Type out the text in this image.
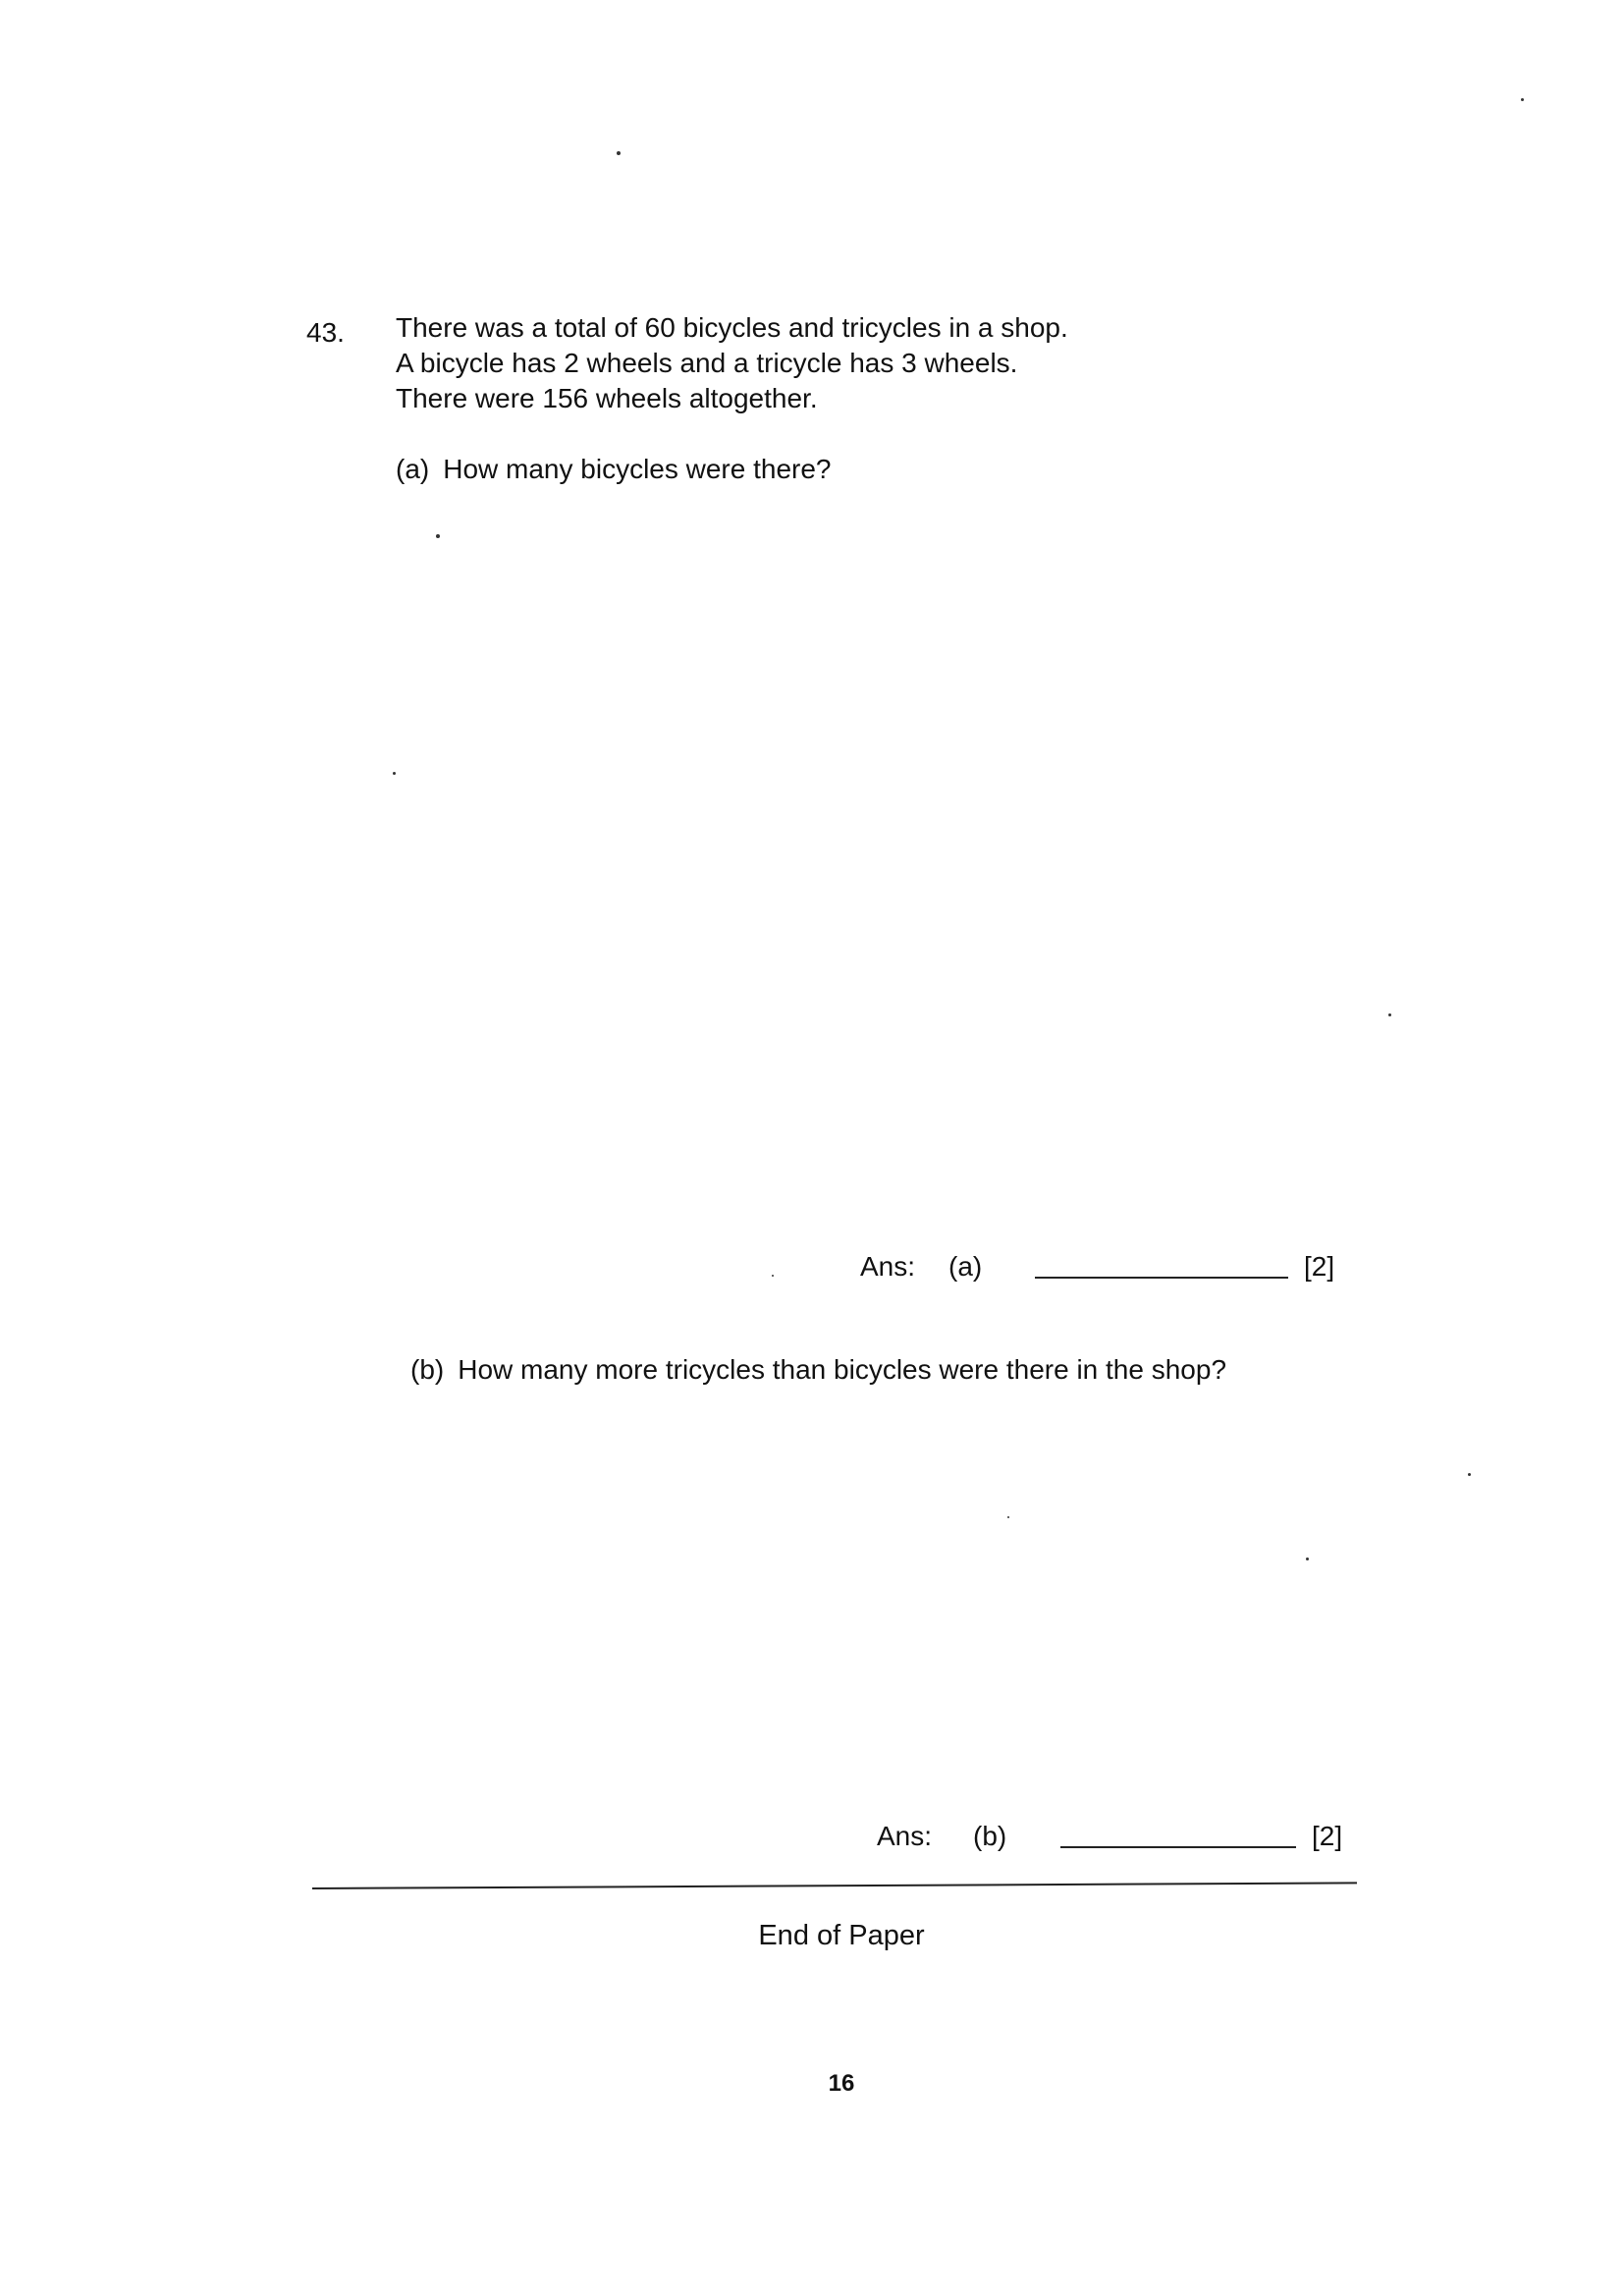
43. There was a total of 60 bicycles and tricycles in a shop.
A bicycle has 2 wheels and a tricycle has 3 wheels.
There were 156 wheels altogether.
(a) How many bicycles were there?
Ans: (a)	[2]
(b) How many more tricycles than bicycles were there in the shop?
Ans: (b)	[2]
End of Paper
16
